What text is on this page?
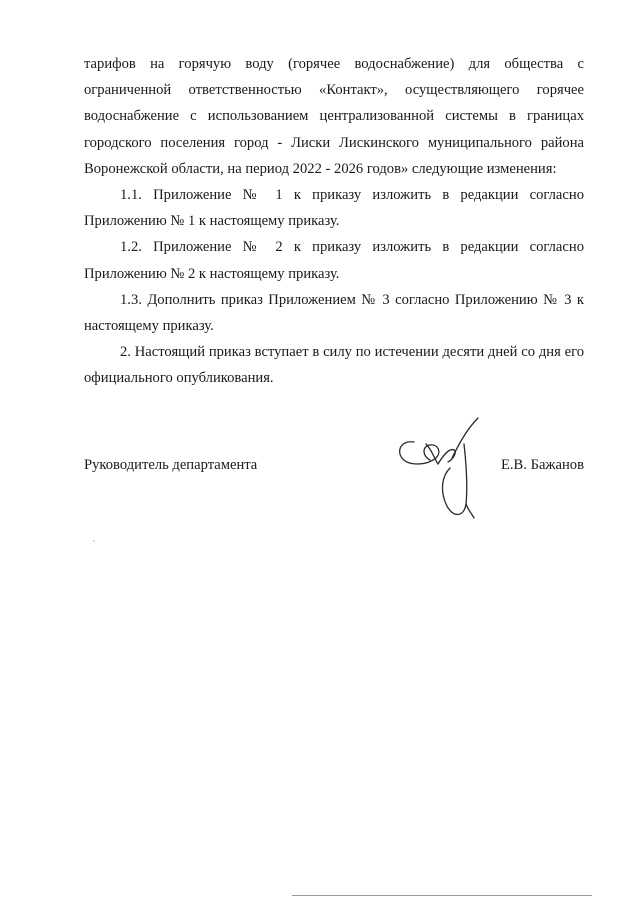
тарифов на горячую воду (горячее водоснабжение) для общества с ограниченной ответственностью «Контакт», осуществляющего горячее водоснабжение с использованием централизованной системы в границах городского поселения город - Лиски Лискинского муниципального района Воронежской области, на период 2022 - 2026 годов» следующие изменения:

1.1. Приложение № 1 к приказу изложить в редакции согласно Приложению № 1 к настоящему приказу.

1.2. Приложение № 2 к приказу изложить в редакции согласно Приложению № 2 к настоящему приказу.

1.3. Дополнить приказ Приложением № 3 согласно Приложению № 3 к настоящему приказу.

2. Настоящий приказ вступает в силу по истечении десяти дней со дня его официального опубликования.

Руководитель департамента	Е.В. Бажанов
